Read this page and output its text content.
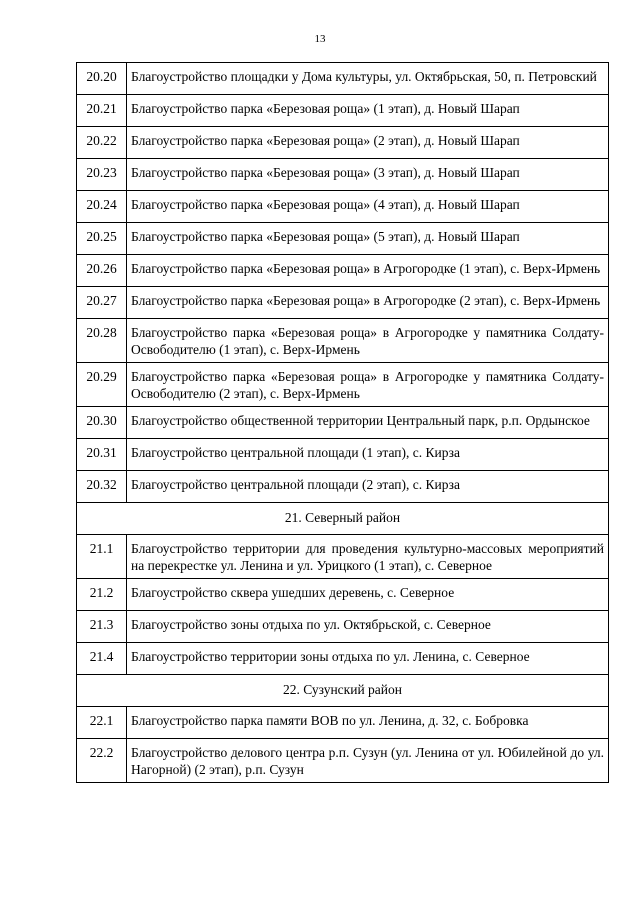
13
20.20	Благоустройство площадки у Дома культуры, ул. Октябрьская, 50, п. Петровский
20.21	Благоустройство парка «Березовая роща» (1 этап), д. Новый Шарап
20.22	Благоустройство парка «Березовая роща» (2 этап), д. Новый Шарап
20.23	Благоустройство парка «Березовая роща» (3 этап), д. Новый Шарап
20.24	Благоустройство парка «Березовая роща» (4 этап), д. Новый Шарап
20.25	Благоустройство парка «Березовая роща» (5 этап), д. Новый Шарап
20.26	Благоустройство парка «Березовая роща» в Агрогородке (1 этап), с. Верх-Ирмень
20.27	Благоустройство парка «Березовая роща» в Агрогородке (2 этап), с. Верх-Ирмень
20.28	Благоустройство парка «Березовая роща» в Агрогородке у памятника Солдату-Освободителю (1 этап), с. Верх-Ирмень
20.29	Благоустройство парка «Березовая роща» в Агрогородке у памятника Солдату-Освободителю (2 этап), с. Верх-Ирмень
20.30	Благоустройство общественной территории Центральный парк, р.п. Ордынское
20.31	Благоустройство центральной площади (1 этап), с. Кирза
20.32	Благоустройство центральной площади (2 этап), с. Кирза
21. Северный район	
21.1	Благоустройство территории для проведения культурно-массовых мероприятий на перекрестке ул. Ленина и ул. Урицкого (1 этап), с. Северное
21.2	Благоустройство сквера ушедших деревень, с. Северное
21.3	Благоустройство зоны отдыха по ул. Октябрьской, с. Северное
21.4	Благоустройство территории зоны отдыха по ул. Ленина, с. Северное
22. Сузунский район	
22.1	Благоустройство парка памяти ВОВ по ул. Ленина, д. 32, с. Бобровка
22.2	Благоустройство делового центра р.п. Сузун (ул. Ленина от ул. Юбилейной до ул. Нагорной) (2 этап), р.п. Сузун
